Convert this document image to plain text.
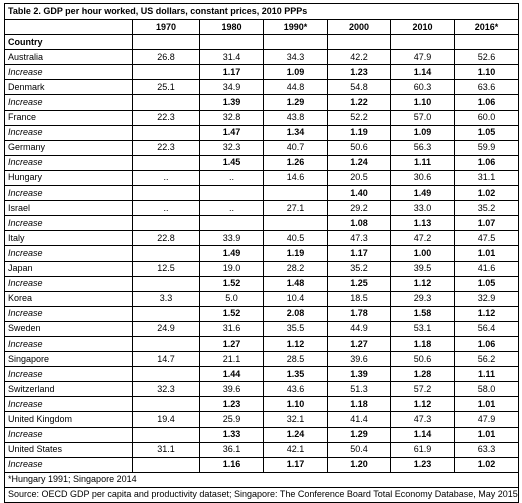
Table 2. GDP per hour worked, US dollars, constant prices, 2010 PPPs						
	1970	1980	1990*	2000	2010	2016*
Country						
Australia	26.8	31.4	34.3	42.2	47.9	52.6
Increase		1.17	1.09	1.23	1.14	1.10
Denmark	25.1	34.9	44.8	54.8	60.3	63.6
Increase		1.39	1.29	1.22	1.10	1.06
France	22.3	32.8	43.8	52.2	57.0	60.0
Increase		1.47	1.34	1.19	1.09	1.05
Germany	22.3	32.3	40.7	50.6	56.3	59.9
Increase		1.45	1.26	1.24	1.11	1.06
Hungary	..	..	14.6	20.5	30.6	31.1
Increase				1.40	1.49	1.02
Israel	..	..	27.1	29.2	33.0	35.2
Increase				1.08	1.13	1.07
Italy	22.8	33.9	40.5	47.3	47.2	47.5
Increase		1.49	1.19	1.17	1.00	1.01
Japan	12.5	19.0	28.2	35.2	39.5	41.6
Increase		1.52	1.48	1.25	1.12	1.05
Korea	3.3	5.0	10.4	18.5	29.3	32.9
Increase		1.52	2.08	1.78	1.58	1.12
Sweden	24.9	31.6	35.5	44.9	53.1	56.4
Increase		1.27	1.12	1.27	1.18	1.06
Singapore	14.7	21.1	28.5	39.6	50.6	56.2
Increase		1.44	1.35	1.39	1.28	1.11
Switzerland	32.3	39.6	43.6	51.3	57.2	58.0
Increase		1.23	1.10	1.18	1.12	1.01
United Kingdom	19.4	25.9	32.1	41.4	47.3	47.9
Increase		1.33	1.24	1.29	1.14	1.01
United States	31.1	36.1	42.1	50.4	61.9	63.3
Increase		1.16	1.17	1.20	1.23	1.02
*Hungary 1991; Singapore 2014						
Source: OECD GDP per capita and productivity dataset; Singapore: The Conference Board Total Economy Database, May 2015						
